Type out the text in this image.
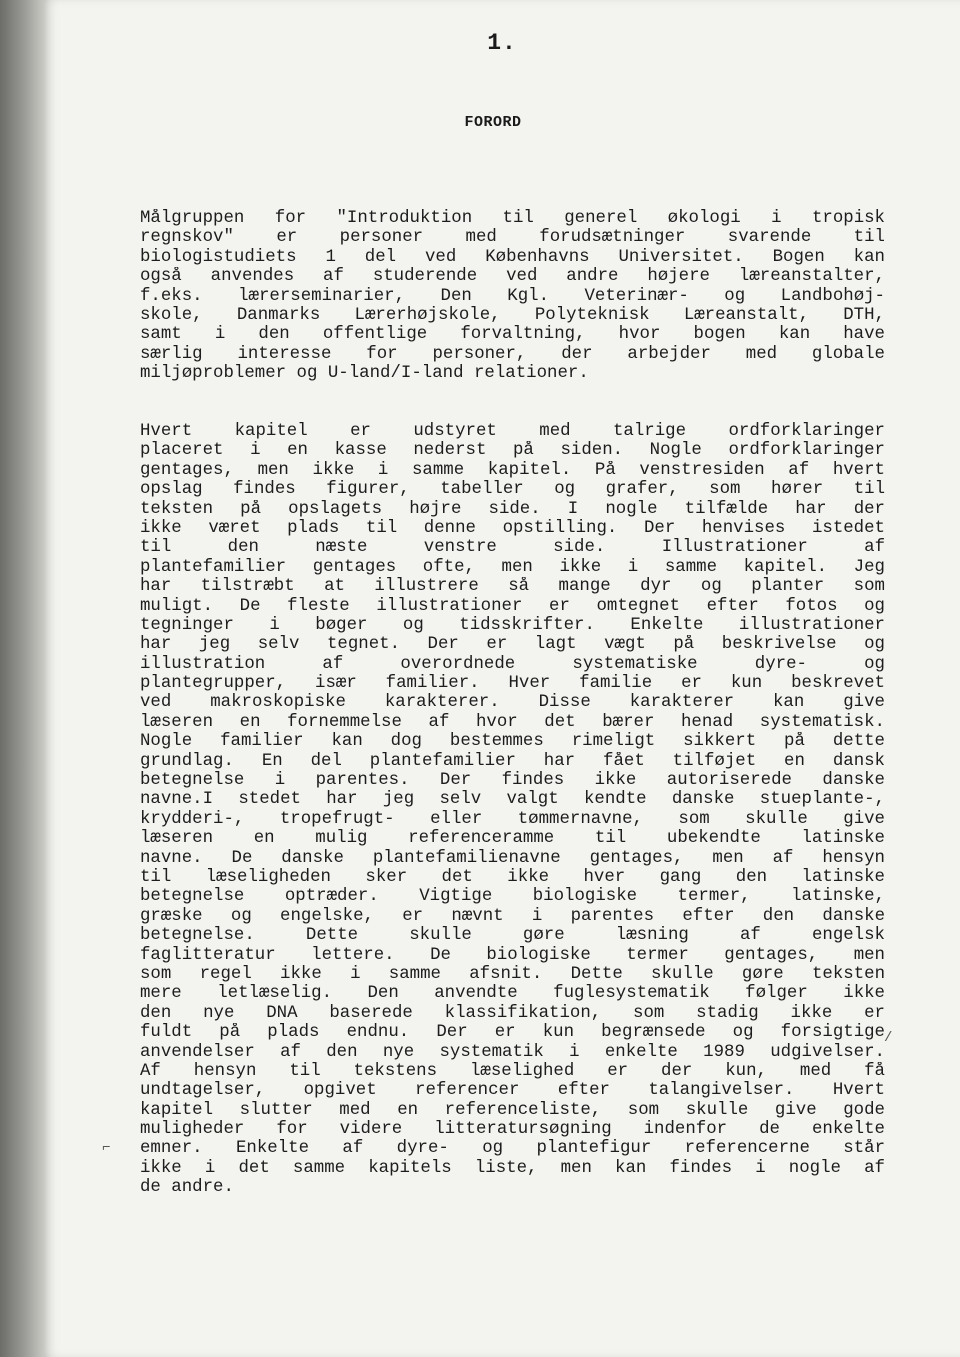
1.
FORORD
Målgruppen for "Introduktion til generel økologi i tropisk
regnskov" er personer med forudsætninger svarende til
biologistudiets 1 del ved Københavns Universitet. Bogen kan
også anvendes af studerende ved andre højere læreanstalter,
f.eks. lærerseminarier, Den Kgl. Veterinær- og Landbohøj-
skole, Danmarks Lærerhøjskole, Polyteknisk Læreanstalt, DTH,
samt i den offentlige forvaltning, hvor bogen kan have
særlig interesse for personer, der arbejder med globale
miljøproblemer og U-land/I-land relationer.
Hvert kapitel er udstyret med talrige ordforklaringer
placeret i en kasse nederst på siden. Nogle ordforklaringer
gentages, men ikke i samme kapitel. På venstresiden af hvert
opslag findes figurer, tabeller og grafer, som hører til
teksten på opslagets højre side. I nogle tilfælde har der
ikke været plads til denne opstilling. Der henvises istedet
til den næste venstre side. Illustrationer af
plantefamilier gentages ofte, men ikke i samme kapitel. Jeg
har tilstræbt at illustrere så mange dyr og planter som
muligt. De fleste illustrationer er omtegnet efter fotos og
tegninger i bøger og tidsskrifter. Enkelte illustrationer
har jeg selv tegnet. Der er lagt vægt på beskrivelse og
illustration af overordnede systematiske dyre- og
plantegrupper, især familier. Hver familie er kun beskrevet
ved makroskopiske karakterer. Disse karakterer kan give
læseren en fornemmelse af hvor det bærer henad systematisk.
Nogle familier kan dog bestemmes rimeligt sikkert på dette
grundlag. En del plantefamilier har fået tilføjet en dansk
betegnelse i parentes. Der findes ikke autoriserede danske
navne.I stedet har jeg selv valgt kendte danske stueplante-,
krydderi-, tropefrugt- eller tømmernavne, som skulle give
læseren en mulig referenceramme til ubekendte latinske
navne. De danske plantefamilienavne gentages, men af hensyn
til læseligheden sker det ikke hver gang den latinske
betegnelse optræder. Vigtige biologiske termer, latinske,
græske og engelske, er nævnt i parentes efter den danske
betegnelse. Dette skulle gøre læsning af engelsk
faglitteratur lettere. De biologiske termer gentages, men
som regel ikke i samme afsnit. Dette skulle gøre teksten
mere letlæselig. Den anvendte fuglesystematik følger ikke
den nye DNA baserede klassifikation, som stadig ikke er
fuldt på plads endnu. Der er kun begrænsede og forsigtige
anvendelser af den nye systematik i enkelte 1989 udgivelser.
Af hensyn til tekstens læselighed er der kun, med få
undtagelser, opgivet referencer efter talangivelser. Hvert
kapitel slutter med en referenceliste, som skulle give gode
muligheder for videre litteratursøgning indenfor de enkelte
emner. Enkelte af dyre- og plantefigur referencerne står
ikke i det samme kapitels liste, men kan findes i nogle af
de andre.
⌐
/
